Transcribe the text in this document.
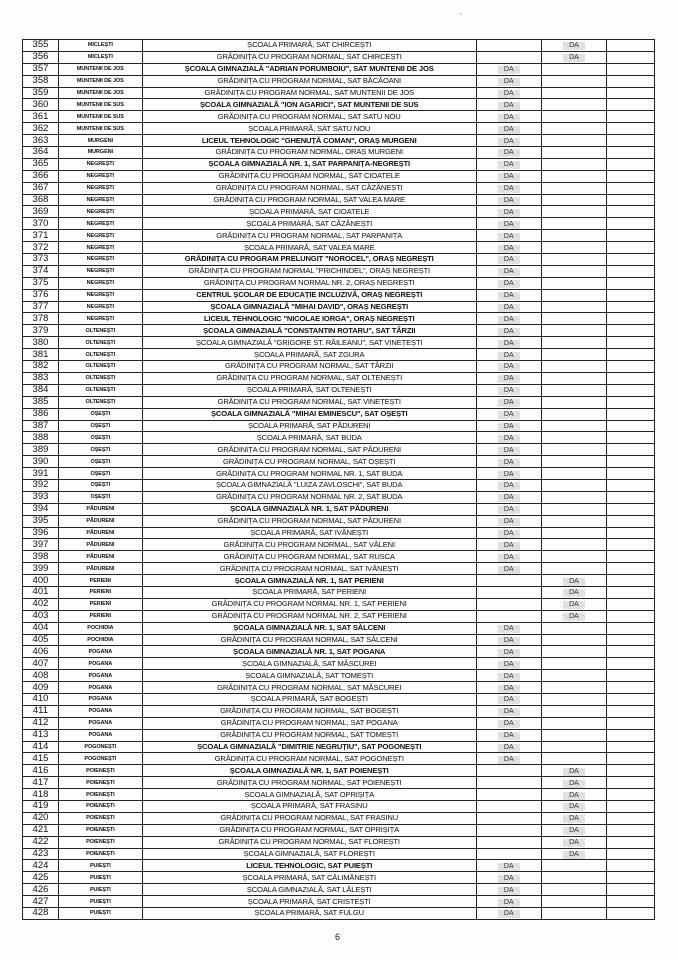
'
355	MICLEȘTI	ȘCOALA PRIMARĂ, SAT CHIRCEȘTI		DA	
356	MICLEȘTI	GRĂDINIȚA CU PROGRAM NORMAL, SAT CHIRCEȘTI		DA	
357	MUNTENII DE JOS	ȘCOALA GIMNAZIALĂ "ADRIAN PORUMBOIU", SAT MUNTENII DE JOS	DA		
358	MUNTENII DE JOS	GRĂDINIȚA CU PROGRAM NORMAL, SAT BĂCĂOANI	DA		
359	MUNTENII DE JOS	GRĂDINIȚA CU PROGRAM NORMAL, SAT MUNTENII DE JOS	DA		
360	MUNTENII DE SUS	ȘCOALA GIMNAZIALĂ "ION AGARICI", SAT MUNTENII DE SUS	DA		
361	MUNTENII DE SUS	GRĂDINIȚA CU PROGRAM NORMAL, SAT SATU NOU	DA		
362	MUNTENII DE SUS	ȘCOALA PRIMARĂ, SAT SATU NOU	DA		
363	MURGENI	LICEUL TEHNOLOGIC "GHENUȚĂ COMAN", ORAȘ MURGENI	DA		
364	MURGENI	GRĂDINIȚA CU PROGRAM NORMAL, ORAȘ MURGENI	DA		
365	NEGREȘTI	ȘCOALA GIMNAZIALĂ NR. 1, SAT PARPANIȚA-NEGREȘTI	DA		
366	NEGREȘTI	GRĂDINIȚA CU PROGRAM NORMAL, SAT CIOATELE	DA		
367	NEGREȘTI	GRĂDINIȚA CU PROGRAM NORMAL, SAT CĂZĂNEȘTI	DA		
368	NEGREȘTI	GRĂDINIȚA CU PROGRAM NORMAL, SAT VALEA MARE	DA		
369	NEGREȘTI	ȘCOALA PRIMARĂ, SAT CIOATELE	DA		
370	NEGREȘTI	ȘCOALA PRIMARĂ, SAT CĂZĂNEȘTI	DA		
371	NEGREȘTI	GRĂDINIȚA CU PROGRAM NORMAL, SAT PARPANIȚA	DA		
372	NEGREȘTI	ȘCOALA PRIMARĂ, SAT VALEA MARE	DA		
373	NEGREȘTI	GRĂDINIȚA CU PROGRAM PRELUNGIT "NOROCEL", ORAȘ NEGREȘTI	DA		
374	NEGREȘTI	GRĂDINIȚA CU PROGRAM NORMAL "PRICHINDEL", ORAȘ NEGREȘTI	DA		
375	NEGREȘTI	GRĂDINIȚA CU PROGRAM NORMAL NR. 2, ORAȘ NEGREȘTI	DA		
376	NEGREȘTI	CENTRUL ȘCOLAR DE EDUCAȚIE INCLUZIVĂ, ORAȘ NEGREȘTI	DA		
377	NEGREȘTI	ȘCOALA GIMNAZIALĂ "MIHAI DAVID", ORAȘ NEGREȘTI	DA		
378	NEGREȘTI	LICEUL TEHNOLOGIC "NICOLAE IORGA", ORAȘ NEGREȘTI	DA		
379	OLTENEȘTI	ȘCOALA GIMNAZIALĂ "CONSTANTIN ROTARU", SAT TÂRZII	DA		
380	OLTENEȘTI	ȘCOALA GIMNAZIALĂ "GRIGORE ST. RĂILEANU", SAT VINEȚEȘTI	DA		
381	OLTENEȘTI	ȘCOALA PRIMARĂ, SAT ZGURA	DA		
382	OLTENEȘTI	GRĂDINIȚA CU PROGRAM NORMAL, SAT TÂRZII	DA		
383	OLTENEȘTI	GRĂDINIȚA CU PROGRAM NORMAL, SAT OLTENEȘTI	DA		
384	OLTENEȘTI	ȘCOALA PRIMARĂ, SAT OLTENEȘTI	DA		
385	OLTENEȘTI	GRĂDINIȚA CU PROGRAM NORMAL, SAT VINEȚEȘTI	DA		
386	OȘEȘTI	ȘCOALA GIMNAZIALĂ "MIHAI EMINESCU", SAT OȘEȘTI	DA		
387	OȘEȘTI	ȘCOALA PRIMARĂ, SAT PĂDURENI	DA		
388	OȘEȘTI	ȘCOALA PRIMARĂ, SAT BUDA	DA		
389	OȘEȘTI	GRĂDINIȚA CU PROGRAM NORMAL, SAT PĂDURENI	DA		
390	OȘEȘTI	GRĂDINIȚA CU PROGRAM NORMAL, SAT OȘEȘTI	DA		
391	OȘEȘTI	GRĂDINIȚA CU PROGRAM NORMAL NR. 1, SAT BUDA	DA		
392	OȘEȘTI	ȘCOALA GIMNAZIALĂ "LUIZA ZAVLOSCHI", SAT BUDA	DA		
393	OȘEȘTI	GRĂDINIȚA CU PROGRAM NORMAL NR. 2, SAT BUDA	DA		
394	PĂDURENI	ȘCOALA GIMNAZIALĂ NR. 1, SAT PĂDURENI	DA		
395	PĂDURENI	GRĂDINIȚA CU PROGRAM NORMAL, SAT PĂDURENI	DA		
396	PĂDURENI	ȘCOALA PRIMARĂ, SAT IVĂNEȘTI	DA		
397	PĂDURENI	GRĂDINIȚA CU PROGRAM NORMAL, SAT VĂLENI	DA		
398	PĂDURENI	GRĂDINIȚA CU PROGRAM NORMAL, SAT RUSCA	DA		
399	PĂDURENI	GRĂDINIȚA CU PROGRAM NORMAL, SAT IVĂNEȘTI	DA		
400	PERIENI	ȘCOALA GIMNAZIALĂ NR. 1, SAT PERIENI		DA	
401	PERIENI	ȘCOALA PRIMARĂ, SAT PERIENI		DA	
402	PERIENI	GRĂDINIȚA CU PROGRAM NORMAL NR. 1, SAT PERIENI		DA	
403	PERIENI	GRĂDINIȚA CU PROGRAM NORMAL NR. 2, SAT PERIENI		DA	
404	POCHIDIA	ȘCOALA GIMNAZIALĂ NR. 1, SAT SĂLCENI	DA		
405	POCHIDIA	GRĂDINIȚA CU PROGRAM NORMAL, SAT SĂLCENI	DA		
406	POGANA	ȘCOALA GIMNAZIALĂ NR. 1, SAT POGANA	DA		
407	POGANA	ȘCOALA GIMNAZIALĂ, SAT MĂSCUREI	DA		
408	POGANA	ȘCOALA GIMNAZIALĂ, SAT TOMEȘTI	DA		
409	POGANA	GRĂDINIȚA CU PROGRAM NORMAL, SAT MĂSCUREI	DA		
410	POGANA	ȘCOALA PRIMARĂ, SAT BOGEȘTI	DA		
411	POGANA	GRĂDINIȚA CU PROGRAM NORMAL, SAT BOGEȘTI	DA		
412	POGANA	GRĂDINIȚA CU PROGRAM NORMAL, SAT POGANA	DA		
413	POGANA	GRĂDINIȚA CU PROGRAM NORMAL, SAT TOMEȘTI	DA		
414	POGONEȘTI	ȘCOALA GIMNAZIALĂ "DIMITRIE NEGRUȚIU", SAT POGONEȘTI	DA		
415	POGONEȘTI	GRĂDINIȚA CU PROGRAM NORMAL, SAT POGONEȘTI	DA		
416	POIENEȘTI	ȘCOALA GIMNAZIALĂ NR. 1, SAT POIENEȘTI		DA	
417	POIENEȘTI	GRĂDINIȚA CU PROGRAM NORMAL, SAT POIENEȘTI		DA	
418	POIENEȘTI	ȘCOALA GIMNAZIALĂ, SAT OPRIȘIȚA		DA	
419	POIENEȘTI	ȘCOALA PRIMARĂ, SAT FRASINU		DA	
420	POIENEȘTI	GRĂDINIȚA CU PROGRAM NORMAL, SAT FRASINU		DA	
421	POIENEȘTI	GRĂDINIȚA CU PROGRAM NORMAL, SAT OPRIȘIȚA		DA	
422	POIENEȘTI	GRĂDINIȚA CU PROGRAM NORMAL, SAT FLOREȘTI		DA	
423	POIENEȘTI	ȘCOALA GIMNAZIALĂ, SAT FLOREȘTI		DA	
424	PUIEȘTI	LICEUL TEHNOLOGIC, SAT PUIEȘTI	DA		
425	PUIEȘTI	ȘCOALA PRIMARĂ, SAT CĂLIMĂNEȘTI	DA		
426	PUIEȘTI	ȘCOALA GIMNAZIALĂ, SAT LĂLEȘTI	DA		
427	PUIEȘTI	ȘCOALA PRIMARĂ, SAT CRISTEȘTI	DA		
428	PUIEȘTI	ȘCOALA PRIMARĂ, SAT FULGU	DA		
6
